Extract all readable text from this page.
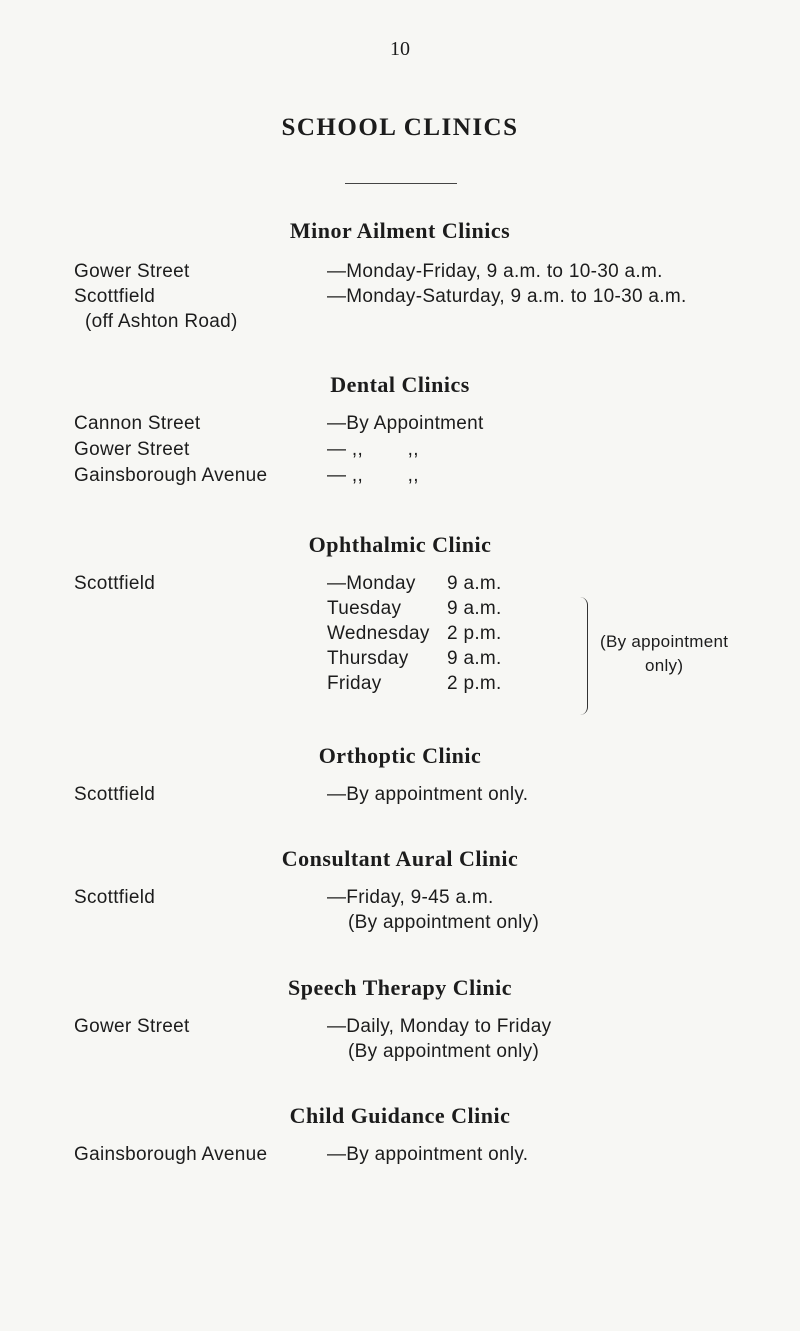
10
SCHOOL CLINICS
Minor Ailment Clinics
Gower Street	—Monday-Friday, 9 a.m. to 10-30 a.m.
Scottfield	—Monday-Saturday, 9 a.m. to 10-30 a.m.
(off Ashton Road)
Dental Clinics
Cannon Street	—By Appointment
Gower Street	— ,,        ,,
Gainsborough Avenue	— ,,        ,,
Ophthalmic Clinic
Scottfield	—Monday 9 a.m.
Tuesday 9 a.m.
Wednesday 2 p.m.
Thursday 9 a.m.
Friday	2 p.m.
(By appointment
only)
Orthoptic Clinic
Scottfield	—By appointment only.
Consultant Aural Clinic
Scottfield	—Friday, 9-45 a.m.
(By appointment only)
Speech Therapy Clinic
Gower Street	—Daily, Monday to Friday
(By appointment only)
Child Guidance Clinic
Gainsborough Avenue	—By appointment only.
